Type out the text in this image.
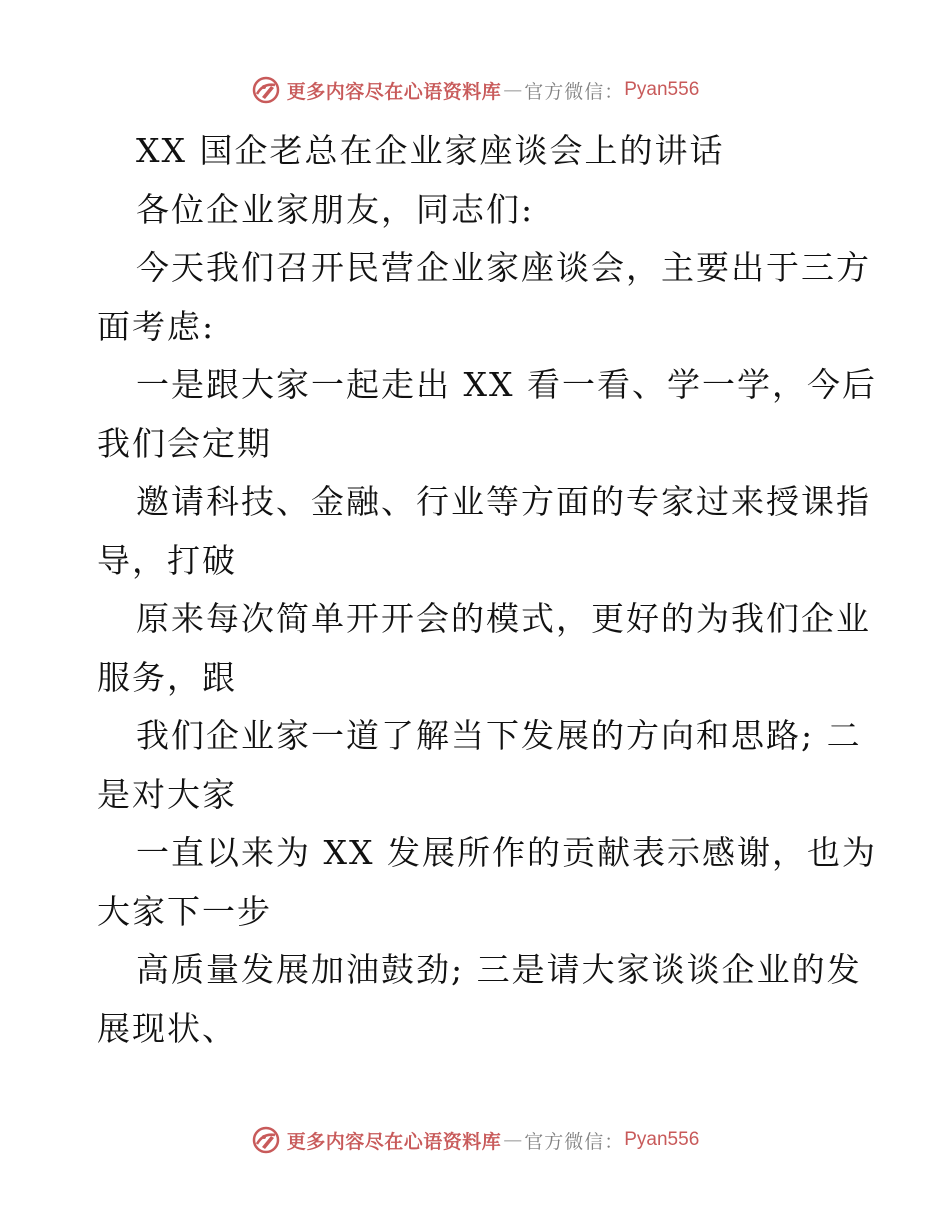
更多内容尽在心语资料库 — 官方微信： Pyan556
XX 国企老总在企业家座谈会上的讲话
各位企业家朋友，同志们:
今天我们召开民营企业家座谈会，主要出于三方
面考虑:
一是跟大家一起走出 XX 看一看、学一学，今后
我们会定期
邀请科技、金融、行业等方面的专家过来授课指
导，打破
原来每次简单开开会的模式，更好的为我们企业
服务，跟
我们企业家一道了解当下发展的方向和思路; 二
是对大家
一直以来为 XX 发展所作的贡献表示感谢，也为
大家下一步
高质量发展加油鼓劲; 三是请大家谈谈企业的发
展现状、
更多内容尽在心语资料库 — 官方微信： Pyan556
